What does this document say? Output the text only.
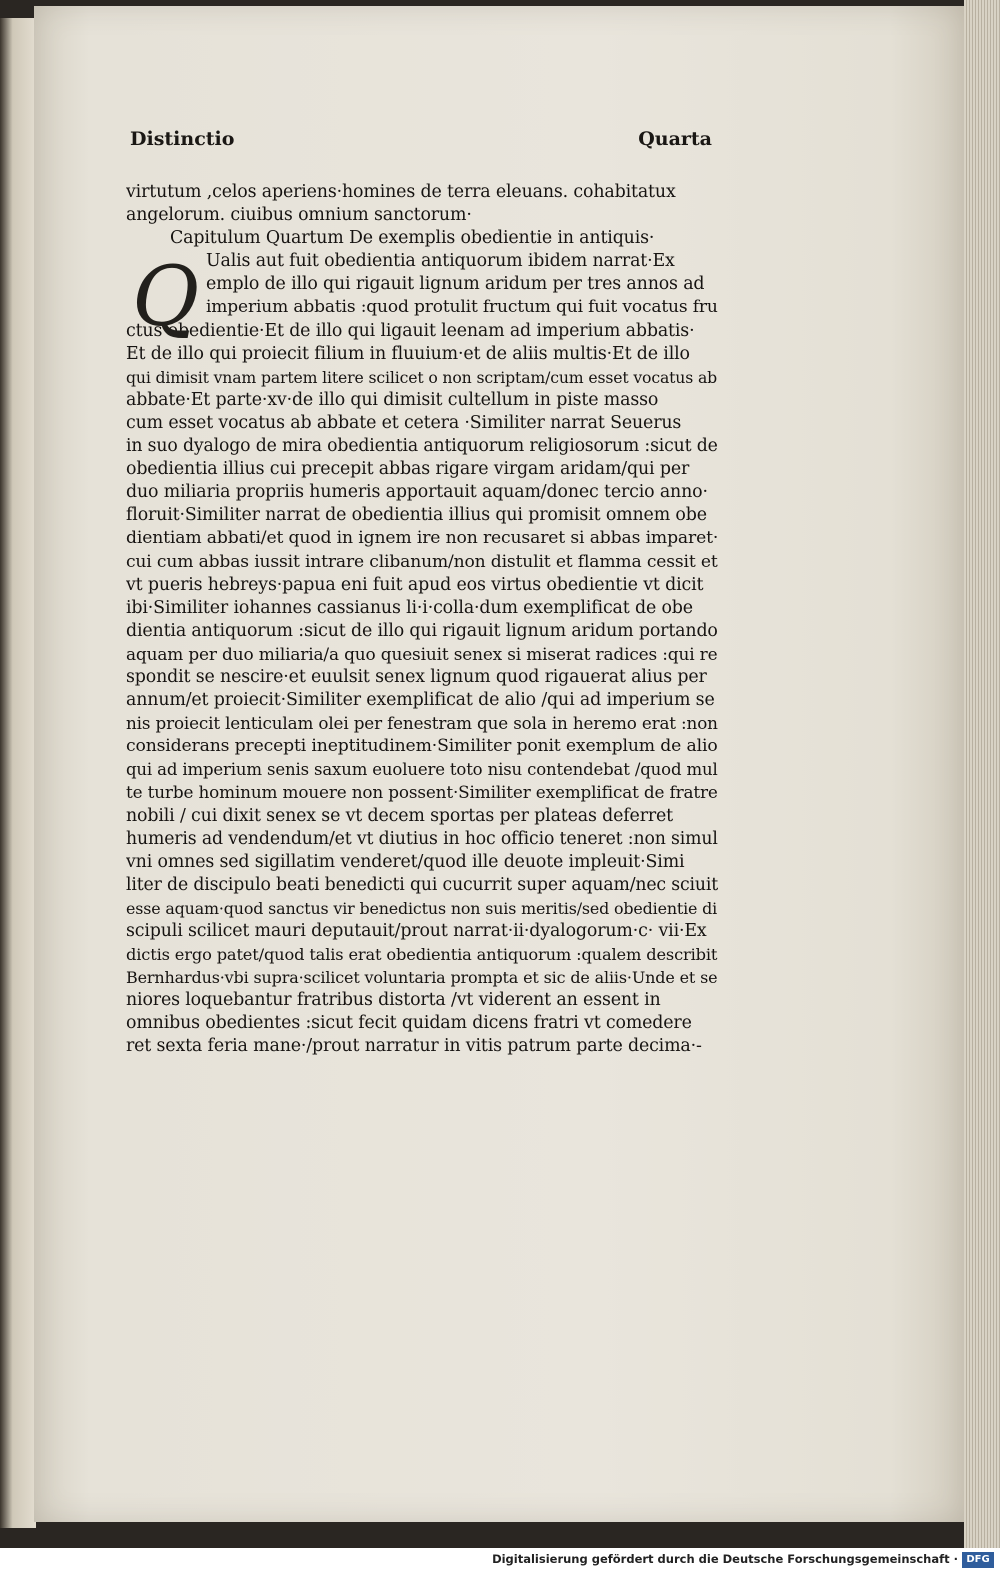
Distinctio	Quarta
Q
virtutum ,celos aperiens·homines de terra eleuans. cohabitatux
angelorum. ciuibus omnium sanctorum·
Capitulum Quartum De exemplis obedientie in antiquis·
Ualis aut fuit obedientia antiquorum ibidem narrat·Ex
emplo de illo qui rigauit lignum aridum per tres annos ad
imperium abbatis :quod protulit fructum qui fuit vocatus fru
ctus obedientie·Et de illo qui ligauit leenam ad imperium abbatis·
Et de illo qui proiecit filium in fluuium·et de aliis multis·Et de illo
qui dimisit vnam partem litere scilicet o non scriptam/cum esset vocatus ab
abbate·Et parte·xv·de illo qui dimisit cultellum in piste masso
cum esset vocatus ab abbate et cetera ·Similiter narrat Seuerus
in suo dyalogo de mira obedientia antiquorum religiosorum :sicut de
obedientia illius cui precepit abbas rigare virgam aridam/qui per
duo miliaria propriis humeris apportauit aquam/donec tercio anno·
floruit·Similiter narrat de obedientia illius qui promisit omnem obe
dientiam abbati/et quod in ignem ire non recusaret si abbas imparet·
cui cum abbas iussit intrare clibanum/non distulit et flamma cessit et
vt pueris hebreys·papua eni fuit apud eos virtus obedientie vt dicit
ibi·Similiter iohannes cassianus li·i·colla·dum exemplificat de obe
dientia antiquorum :sicut de illo qui rigauit lignum aridum portando
aquam per duo miliaria/a quo quesiuit senex si miserat radices :qui re
spondit se nescire·et euulsit senex lignum quod rigauerat alius per
annum/et proiecit·Similiter exemplificat de alio /qui ad imperium se
nis proiecit lenticulam olei per fenestram que sola in heremo erat :non
considerans precepti ineptitudinem·Similiter ponit exemplum de alio
qui ad imperium senis saxum euoluere toto nisu contendebat /quod mul
te turbe hominum mouere non possent·Similiter exemplificat de fratre
nobili / cui dixit senex se vt decem sportas per plateas deferret
humeris ad vendendum/et vt diutius in hoc officio teneret :non simul
vni omnes sed sigillatim venderet/quod ille deuote impleuit·Simi
liter de discipulo beati benedicti qui cucurrit super aquam/nec sciuit
esse aquam·quod sanctus vir benedictus non suis meritis/sed obedientie di
scipuli scilicet mauri deputauit/prout narrat·ii·dyalogorum·c· vii·Ex
dictis ergo patet/quod talis erat obedientia antiquorum :qualem describit
Bernhardus·vbi supra·scilicet voluntaria prompta et sic de aliis·Unde et se
niores loquebantur fratribus distorta /vt viderent an essent in
omnibus obedientes :sicut fecit quidam dicens fratri vt comedere
ret sexta feria mane·/prout narratur in vitis patrum parte decima·-
Digitalisierung gefördert durch die Deutsche Forschungsgemeinschaft · DFG
